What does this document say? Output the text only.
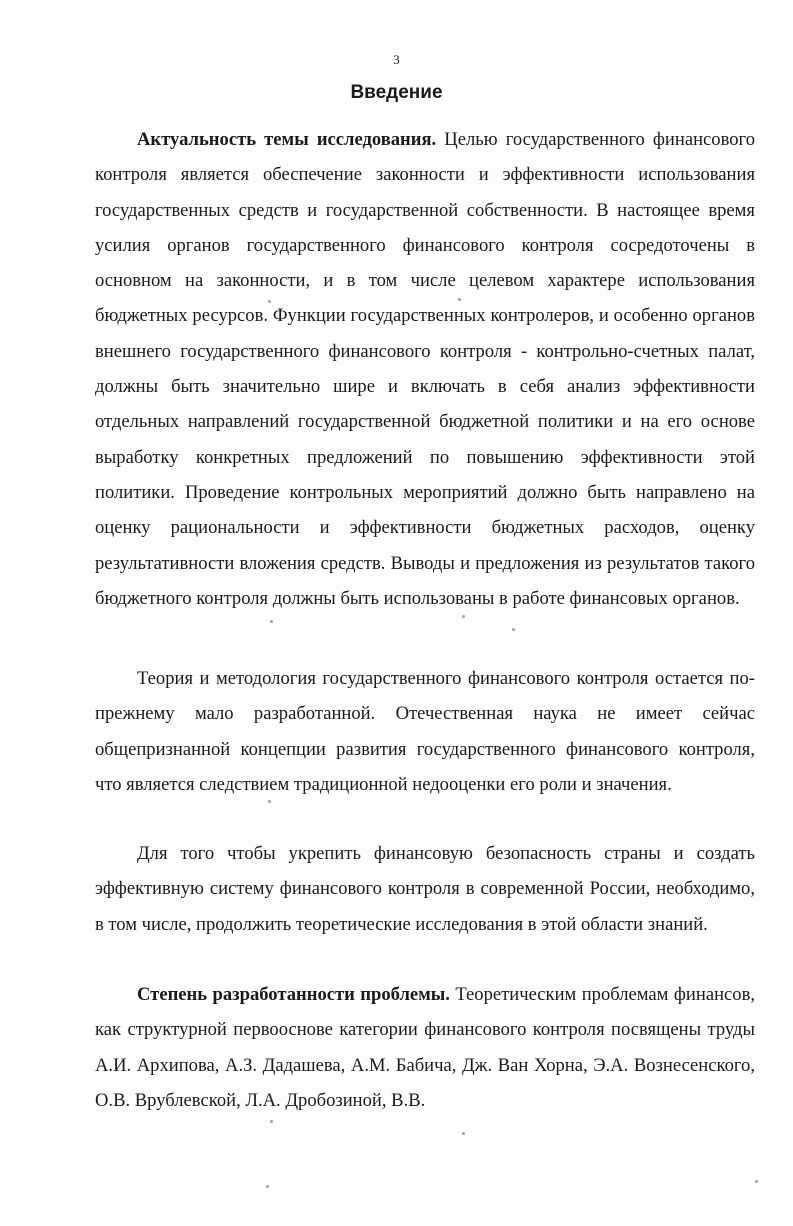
3
Введение

Актуальность темы исследования. Целью государственного финансового контроля является обеспечение законности и эффективности использования государственных средств и государственной собственности. В настоящее время усилия органов государственного финансового контроля сосредоточены в основном на законности, и в том числе целевом характере использования бюджетных ресурсов. Функции государственных контролеров, и особенно органов внешнего государственного финансового контроля - контрольно-счетных палат, должны быть значительно шире и включать в себя анализ эффективности отдельных направлений государственной бюджетной политики и на его основе выработку конкретных предложений по повышению эффективности этой политики. Проведение контрольных мероприятий должно быть направлено на оценку рациональности и эффективности бюджетных расходов, оценку результативности вложения средств. Выводы и предложения из результатов такого бюджетного контроля должны быть использованы в работе финансовых органов.

Теория и методология государственного финансового контроля остается по-прежнему мало разработанной. Отечественная наука не имеет сейчас общепризнанной концепции развития государственного финансового контроля, что является следствием традиционной недооценки его роли и значения.

Для того чтобы укрепить финансовую безопасность страны и создать эффективную систему финансового контроля в современной России, необходимо, в том числе, продолжить теоретические исследования в этой области знаний.

Степень разработанности проблемы. Теоретическим проблемам финансов, как структурной первооснове категории финансового контроля посвящены труды А.И. Архипова, А.З. Дадашева, А.М. Бабича, Дж. Ван Хорна, Э.А. Вознесенского, О.В. Врублевской, Л.А. Дробозиной, В.В.
